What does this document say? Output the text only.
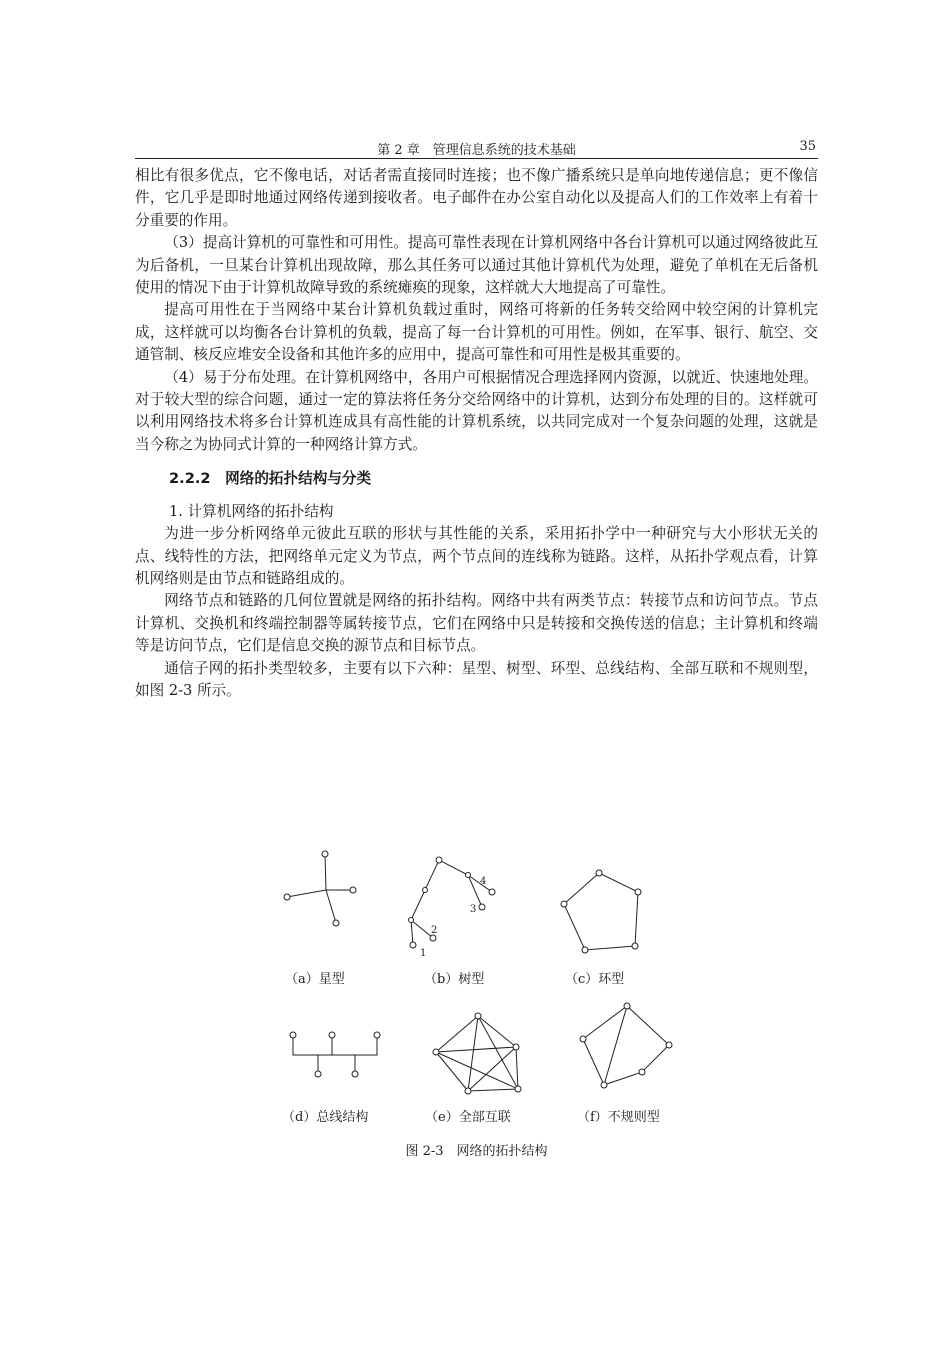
第 2 章　管理信息系统的技术基础	35

相比有很多优点，它不像电话，对话者需直接同时连接；也不像广播系统只是单向地传递信息；更不像信件，它几乎是即时地通过网络传递到接收者。电子邮件在办公室自动化以及提高人们的工作效率上有着十分重要的作用。

（3）提高计算机的可靠性和可用性。提高可靠性表现在计算机网络中各台计算机可以通过网络彼此互为后备机，一旦某台计算机出现故障，那么其任务可以通过其他计算机代为处理，避免了单机在无后备机使用的情况下由于计算机故障导致的系统瘫痪的现象，这样就大大地提高了可靠性。

提高可用性在于当网络中某台计算机负载过重时，网络可将新的任务转交给网中较空闲的计算机完成，这样就可以均衡各台计算机的负载，提高了每一台计算机的可用性。例如，在军事、银行、航空、交通管制、核反应堆安全设备和其他许多的应用中，提高可靠性和可用性是极其重要的。

（4）易于分布处理。在计算机网络中，各用户可根据情况合理选择网内资源，以就近、快速地处理。对于较大型的综合问题，通过一定的算法将任务分交给网络中的计算机，达到分布处理的目的。这样就可以利用网络技术将多台计算机连成具有高性能的计算机系统，以共同完成对一个复杂问题的处理，这就是当今称之为协同式计算的一种网络计算方式。

2.2.2　网络的拓扑结构与分类

1. 计算机网络的拓扑结构

为进一步分析网络单元彼此互联的形状与其性能的关系，采用拓扑学中一种研究与大小形状无关的点、线特性的方法，把网络单元定义为节点，两个节点间的连线称为链路。这样，从拓扑学观点看，计算机网络则是由节点和链路组成的。

网络节点和链路的几何位置就是网络的拓扑结构。网络中共有两类节点：转接节点和访问节点。节点计算机、交换机和终端控制器等属转接节点，它们在网络中只是转接和交换传送的信息；主计算机和终端等是访问节点，它们是信息交换的源节点和目标节点。

通信子网的拓扑类型较多，主要有以下六种：星型、树型、环型、总线结构、全部互联和不规则型，如图 2-3 所示。

1
2
3
4
（a）星型	（b）树型	（c）环型
（d）总线结构	（e）全部互联	（f）不规则型
图 2-3　网络的拓扑结构
